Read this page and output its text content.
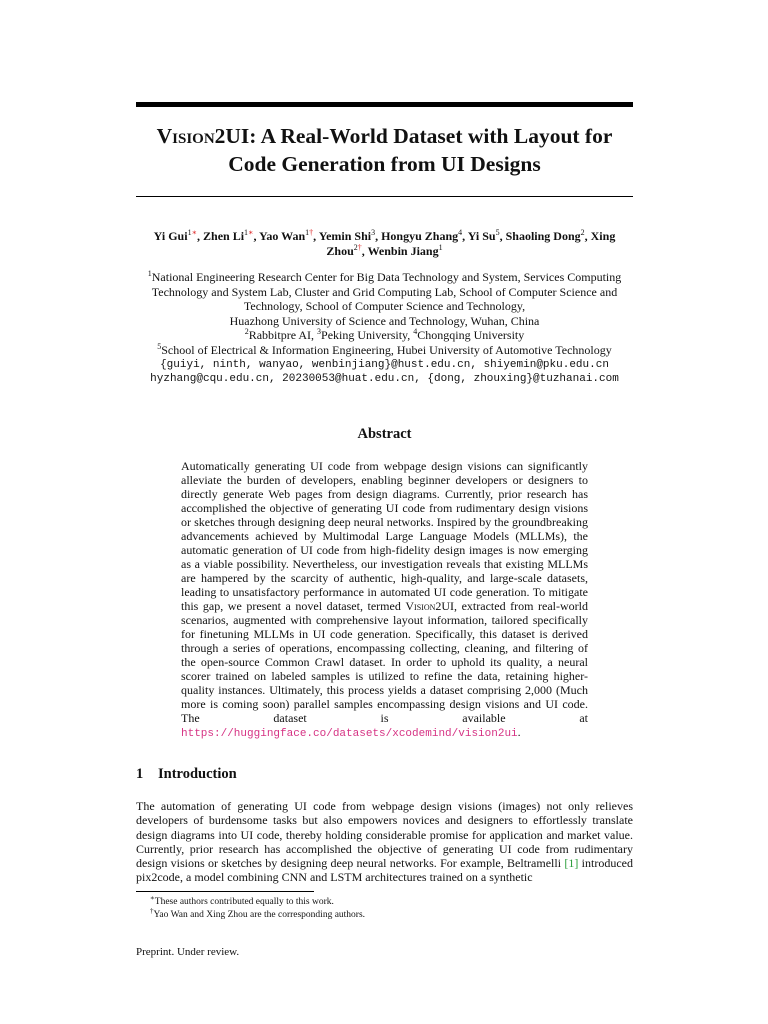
Vision2UI: A Real-World Dataset with Layout for
Code Generation from UI Designs
Yi Gui$^{1∗}$, Zhen $Li^{1∗}$, Yao Wan$^{1\dagger}$, Yemin Shi$^3$, Hongyu Zhang$^4$, Yi Su$^5$, Shaoling Dong$^2$, Xing Zhou$^{2\dagger}$, Wenbin Jiang$^1$
$^1$National Engineering Research Center for Big Data Technology and System, Services Computing
Technology and System Lab, Cluster and Grid Computing Lab, School of Computer Science and
Technology, School of Computer Science and Technology,
Huazhong University of Science and Technology, Wuhan, China
$^2$Rabbitpre AI, $^3$Peking University, $^4$Chongqing University
$^5$School of Electrical & Information Engineering, Hubei University of Automotive Technology
{guiyi, ninth, wanyao, wenbinjiang}@hust.edu.cn, shiyemin@pku.edu.cn
hyzhang@cqu.edu.cn, 20230053@huat.edu.cn, {dong, zhouxing}@tuzhanai.com
Abstract
Automatically generating UI code from webpage design visions can significantly alleviate the burden of developers, enabling beginner developers or designers to directly generate Web pages from design diagrams. Currently, prior research has accomplished the objective of generating UI code from rudimentary design visions or sketches through designing deep neural networks. Inspired by the groundbreaking advancements achieved by Multimodal Large Language Models (MLLMs), the automatic generation of UI code from high-fidelity design images is now emerging as a viable possibility. Nevertheless, our investigation reveals that existing MLLMs are hampered by the scarcity of authentic, high-quality, and large-scale datasets, leading to unsatisfactory performance in automated UI code generation. To mitigate this gap, we present a novel dataset, termed Vision2UI, extracted from real-world scenarios, augmented with comprehensive layout information, tailored specifically for finetuning MLLMs in UI code generation. Specifically, this dataset is derived through a series of operations, encompassing collecting, cleaning, and filtering of the open-source Common Crawl dataset. In order to uphold its quality, a neural scorer trained on labeled samples is utilized to refine the data, retaining higher-quality instances. Ultimately, this process yields a dataset comprising 2,000 (Much more is coming soon) parallel samples encompassing design visions and UI code. The dataset is available at https://huggingface.co/datasets/xcodemind/vision2ui.
1 Introduction
The automation of generating UI code from webpage design visions (images) not only relieves developers of burdensome tasks but also empowers novices and designers to effortlessly translate design diagrams into UI code, thereby holding considerable promise for application and market value. Currently, prior research has accomplished the objective of generating UI code from rudimentary design visions or sketches by designing deep neural networks. For example, Beltramelli [1] introduced pix2code, a model combining CNN and LSTM architectures trained on a synthetic
∗These authors contributed equally to this work.
†Yao Wan and Xing Zhou are the corresponding authors.
Preprint. Under review.
